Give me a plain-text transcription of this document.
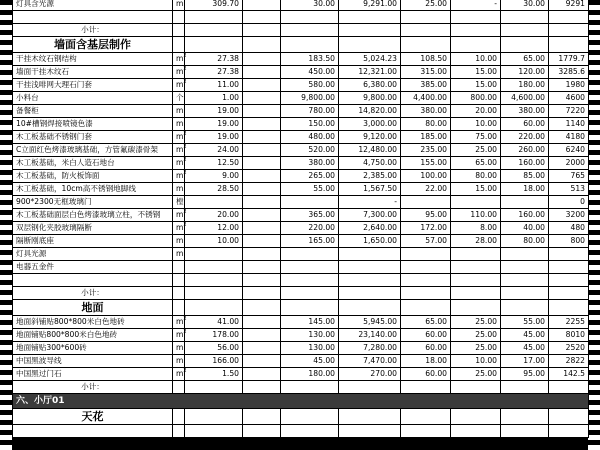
灯具含光源	m	309.70		30.00	9,291.00	25.00	-	30.00	9291

小计：									
墙面含基层制作									
干挂木纹石钢结构	$m^2$	27.38		183.50	5,024.23	108.50	10.00	65.00	1779.7
墙面干挂木纹石	$m^2$	27.38		450.00	12,321.00	315.00	15.00	120.00	3285.6
干挂浅啡网大理石门套	$m^2$	11.00		580.00	6,380.00	385.00	15.00	180.00	1980
小料台	个	1.00		9,800.00	9,800.00	4,400.00	800.00	4,600.00	4600
备餐柜	m	19.00		780.00	14,820.00	380.00	20.00	380.00	7220
10#槽钢焊接喷镜色漆	m	19.00		150.00	3,000.00	80.00	10.00	60.00	1140
木工板基础不锈钢门套	$m^2$	19.00		480.00	9,120.00	185.00	75.00	220.00	4180
C立面红色烤漆玻璃基础，方管氟碳漆骨架	$m^2$	24.00		520.00	12,480.00	235.00	25.00	260.00	6240
木工板基础，米白人造石地台	$m^2$	12.50		380.00	4,750.00	155.00	65.00	160.00	2000
木工板基础，防火板饰面	$m^2$	9.00		265.00	2,385.00	100.00	80.00	85.00	765
木工板基础，10cm高不锈钢地脚线	m	28.50		55.00	1,567.50	22.00	15.00	18.00	513
900*2300无框玻璃门	樘				-				0
木工板基础面层白色烤漆玻璃立柱，不锈钢	$m^2$	20.00		365.00	7,300.00	95.00	110.00	160.00	3200
双层钢化夹胶玻璃隔断	$m^2$	12.00		220.00	2,640.00	172.00	8.00	40.00	480
隔断刚底座	m	10.00		165.00	1,650.00	57.00	28.00	80.00	800
灯具光源	m								
电器五金件									

小计：									
地面									
地面斜铺贴800*800米白色地砖	$m^2$	41.00		145.00	5,945.00	65.00	25.00	55.00	2255
地面铺贴800*800米白色地砖	$m^2$	178.00		130.00	23,140.00	60.00	25.00	45.00	8010
地面铺贴300*600砖	m	56.00		130.00	7,280.00	60.00	25.00	45.00	2520
中国黑波导线	m	166.00		45.00	7,470.00	18.00	10.00	17.00	2822
中国黑过门石	$m^2$	1.50		180.00	270.00	60.00	25.00	95.00	142.5
小计：									
六、小厅01									
天花									
